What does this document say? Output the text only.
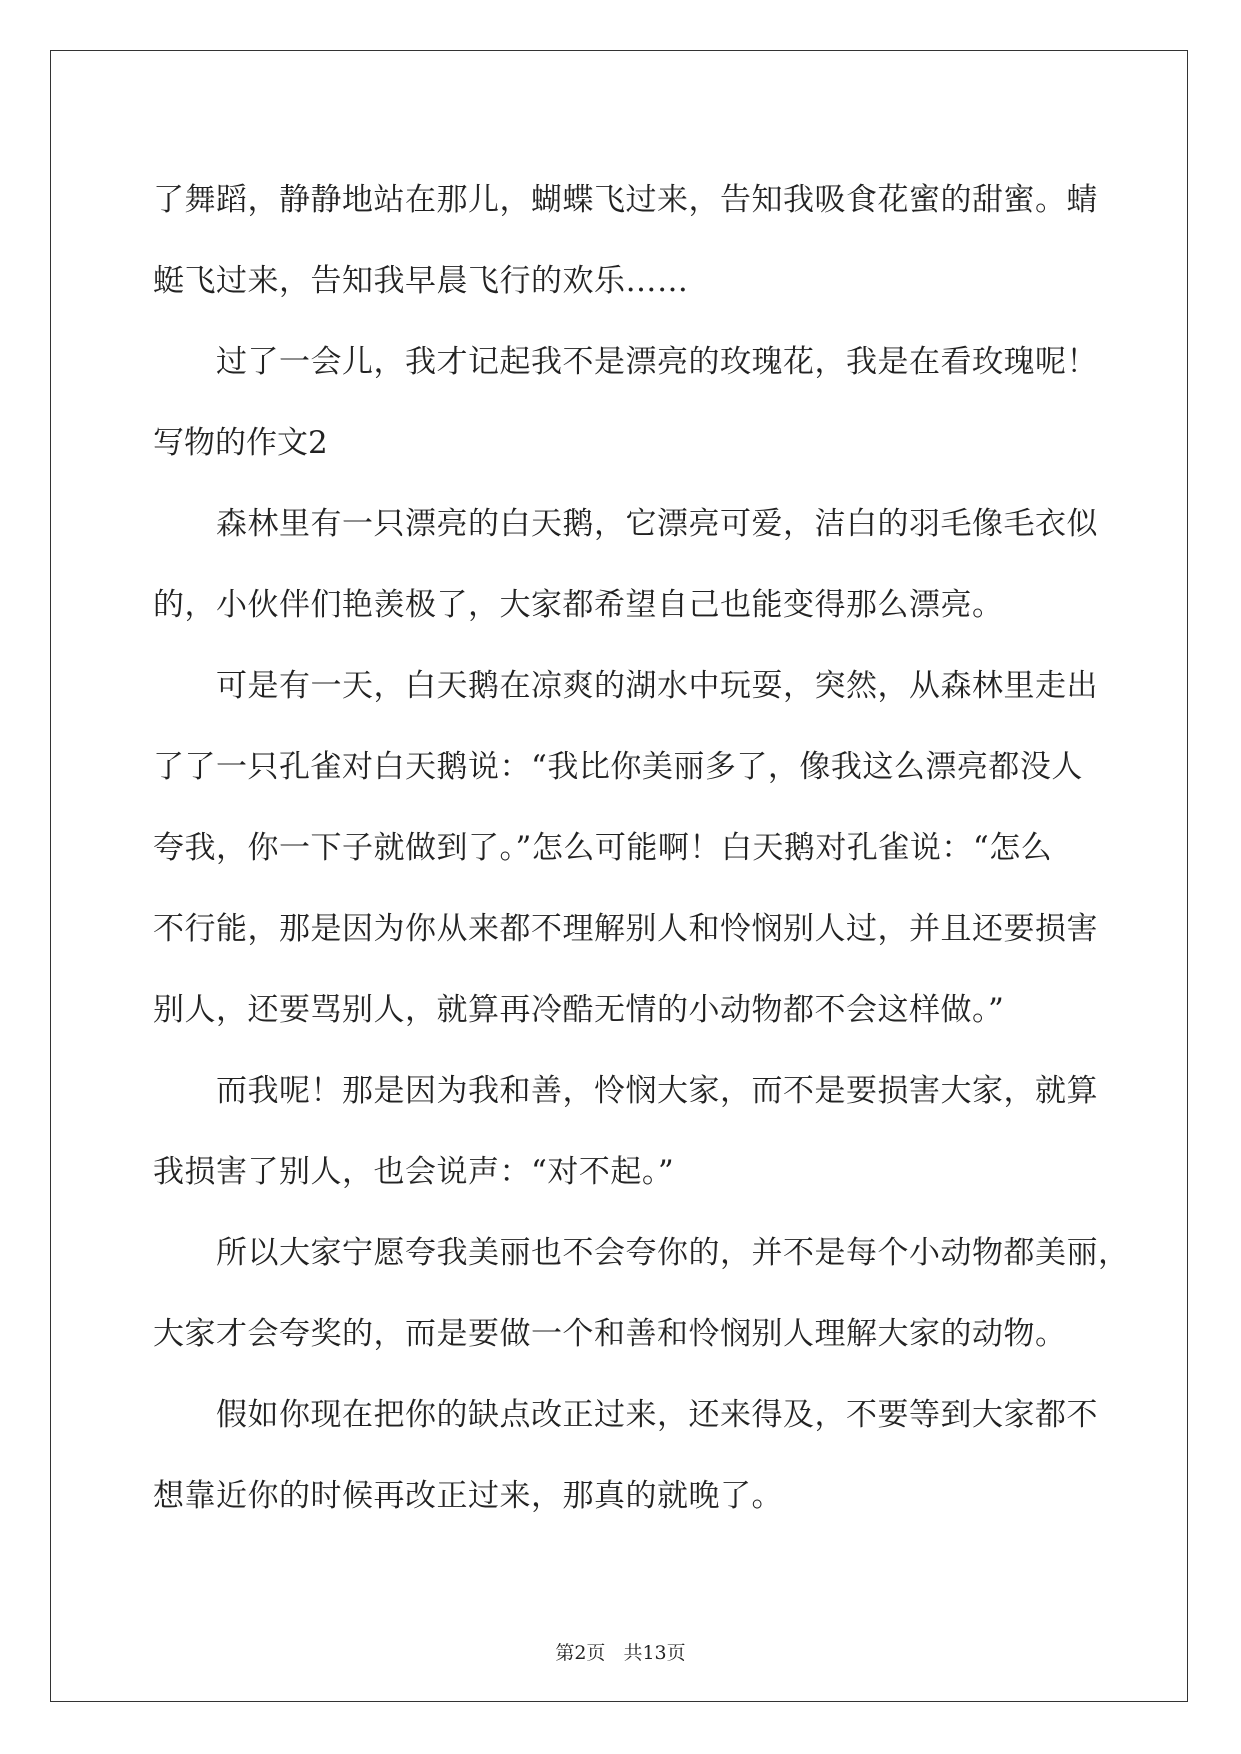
了舞蹈，静静地站在那儿，蝴蝶飞过来，告知我吸食花蜜的甜蜜。蜻
蜓飞过来，告知我早晨飞行的欢乐……
过了一会儿，我才记起我不是漂亮的玫瑰花，我是在看玫瑰呢！
写物的作文2
森林里有一只漂亮的白天鹅，它漂亮可爱，洁白的羽毛像毛衣似
的，小伙伴们艳羡极了，大家都希望自己也能变得那么漂亮。
可是有一天，白天鹅在凉爽的湖水中玩耍，突然，从森林里走出
了了一只孔雀对白天鹅说：“我比你美丽多了，像我这么漂亮都没人
夸我，你一下子就做到了。”怎么可能啊！白天鹅对孔雀说：“怎么
不行能，那是因为你从来都不理解别人和怜悯别人过，并且还要损害
别人，还要骂别人，就算再冷酷无情的小动物都不会这样做。”
而我呢！那是因为我和善，怜悯大家，而不是要损害大家，就算
我损害了别人，也会说声：“对不起。”
所以大家宁愿夸我美丽也不会夸你的，并不是每个小动物都美丽，
大家才会夸奖的，而是要做一个和善和怜悯别人理解大家的动物。
假如你现在把你的缺点改正过来，还来得及，不要等到大家都不
想靠近你的时候再改正过来，那真的就晚了。
第2页 共13页
